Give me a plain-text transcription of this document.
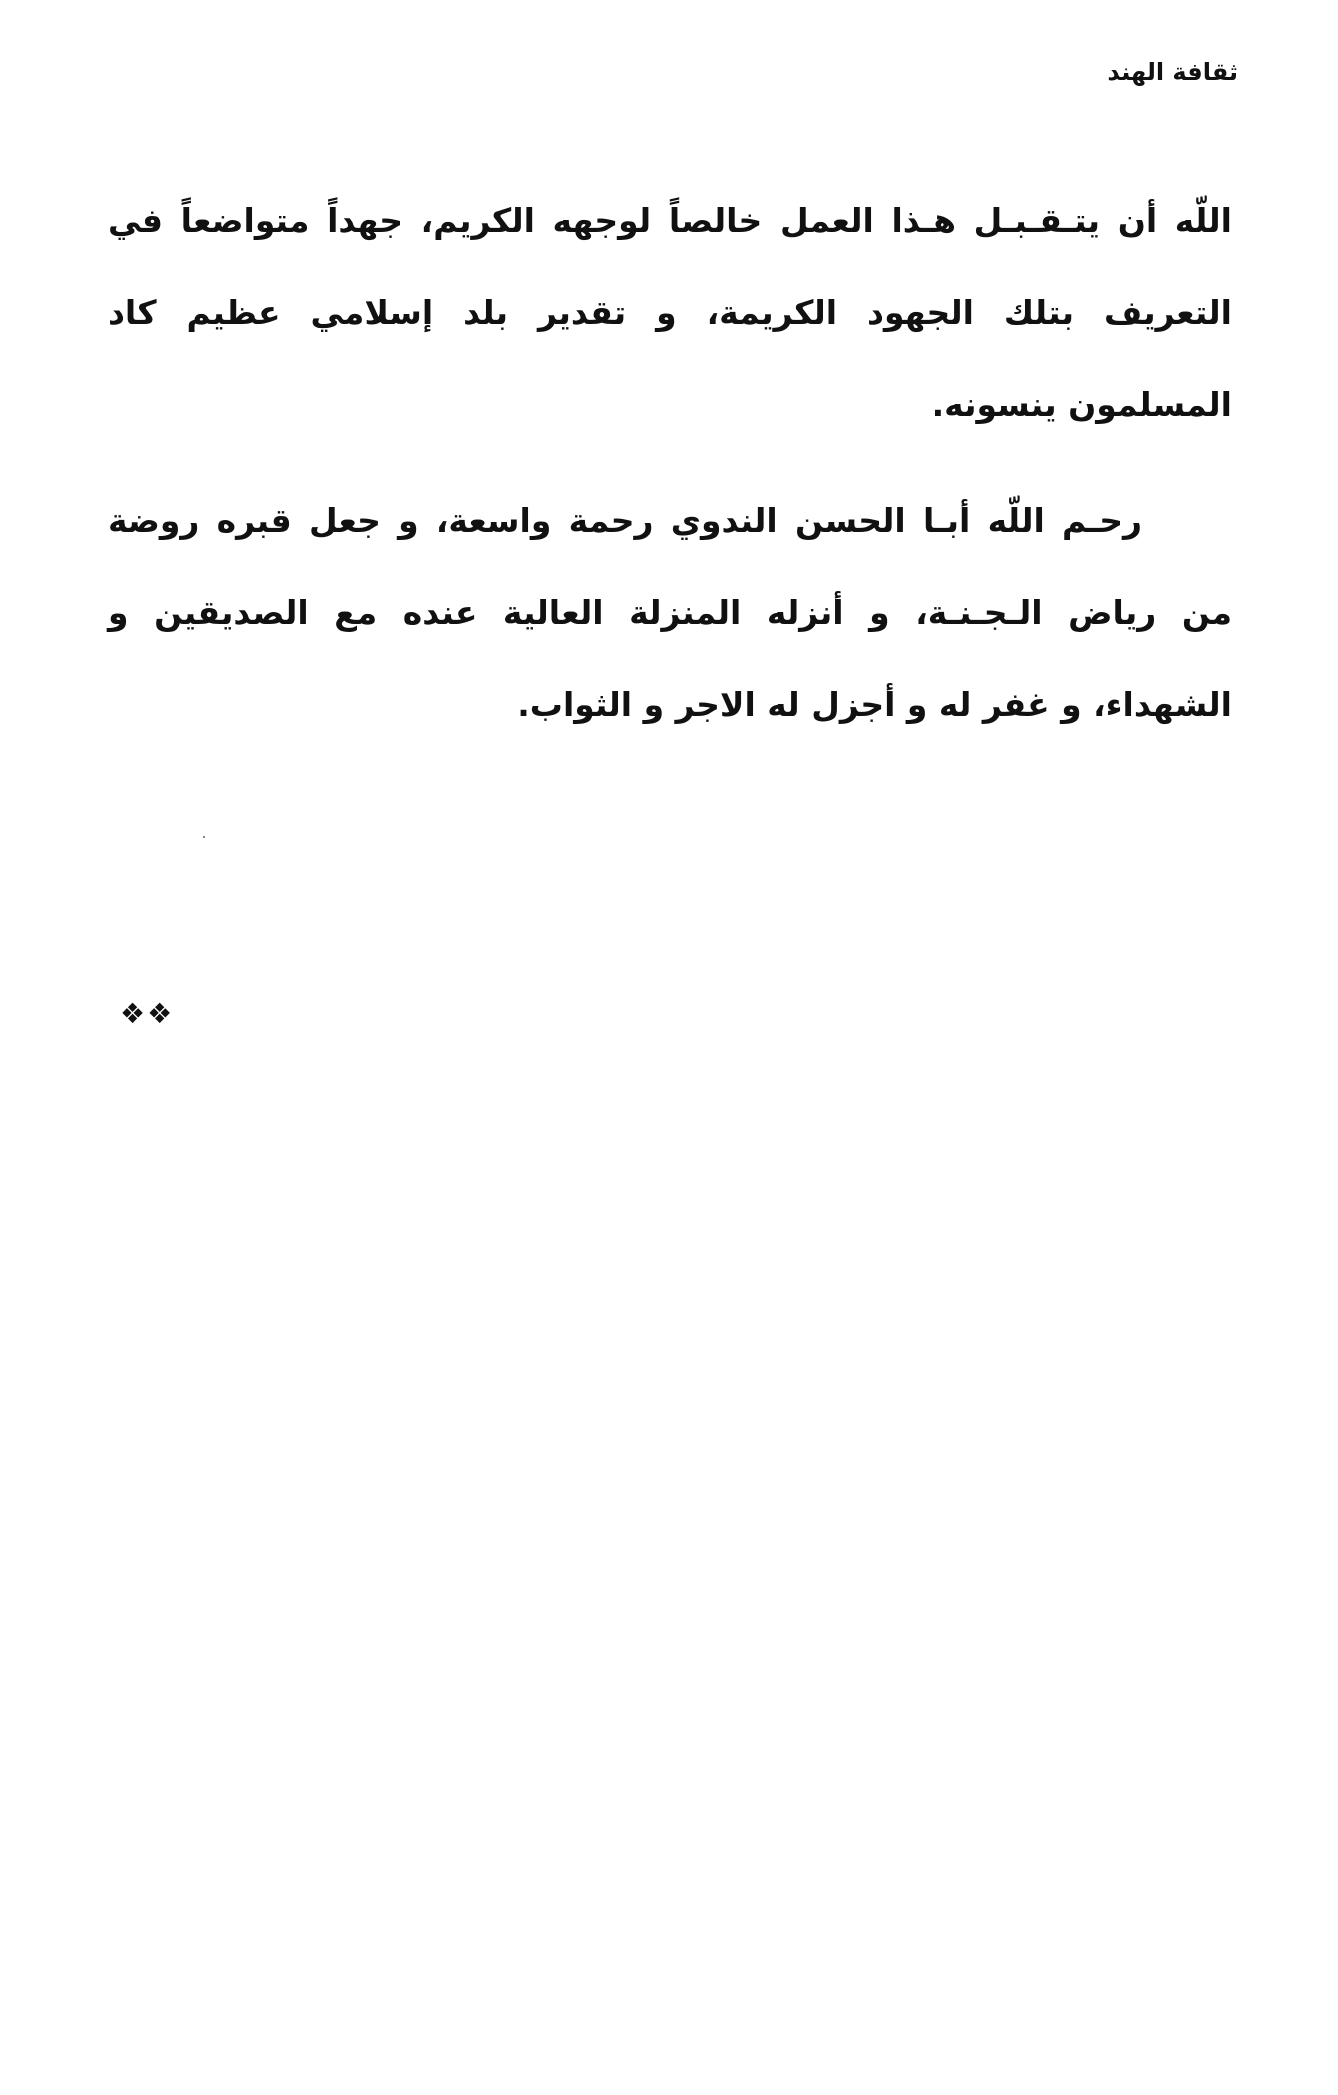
ثقافة الهند

اللّه أن يتـقـبـل هـذا العمل خالصاً لوجهه الكريم، جهداً متواضعاً في التعريف بتلك الجهود الكريمة، و تقدير بلد إسلامي عظيم كاد المسلمون ينسونه.

رحـم اللّه أبـا الحسن الندوي رحمة واسعة، و جعل قبره روضة من رياض الـجـنـة، و أنزله المنزلة العالية عنده مع الصديقين و الشهداء، و غفر له و أجزل له الاجر و الثواب.

❖❖
